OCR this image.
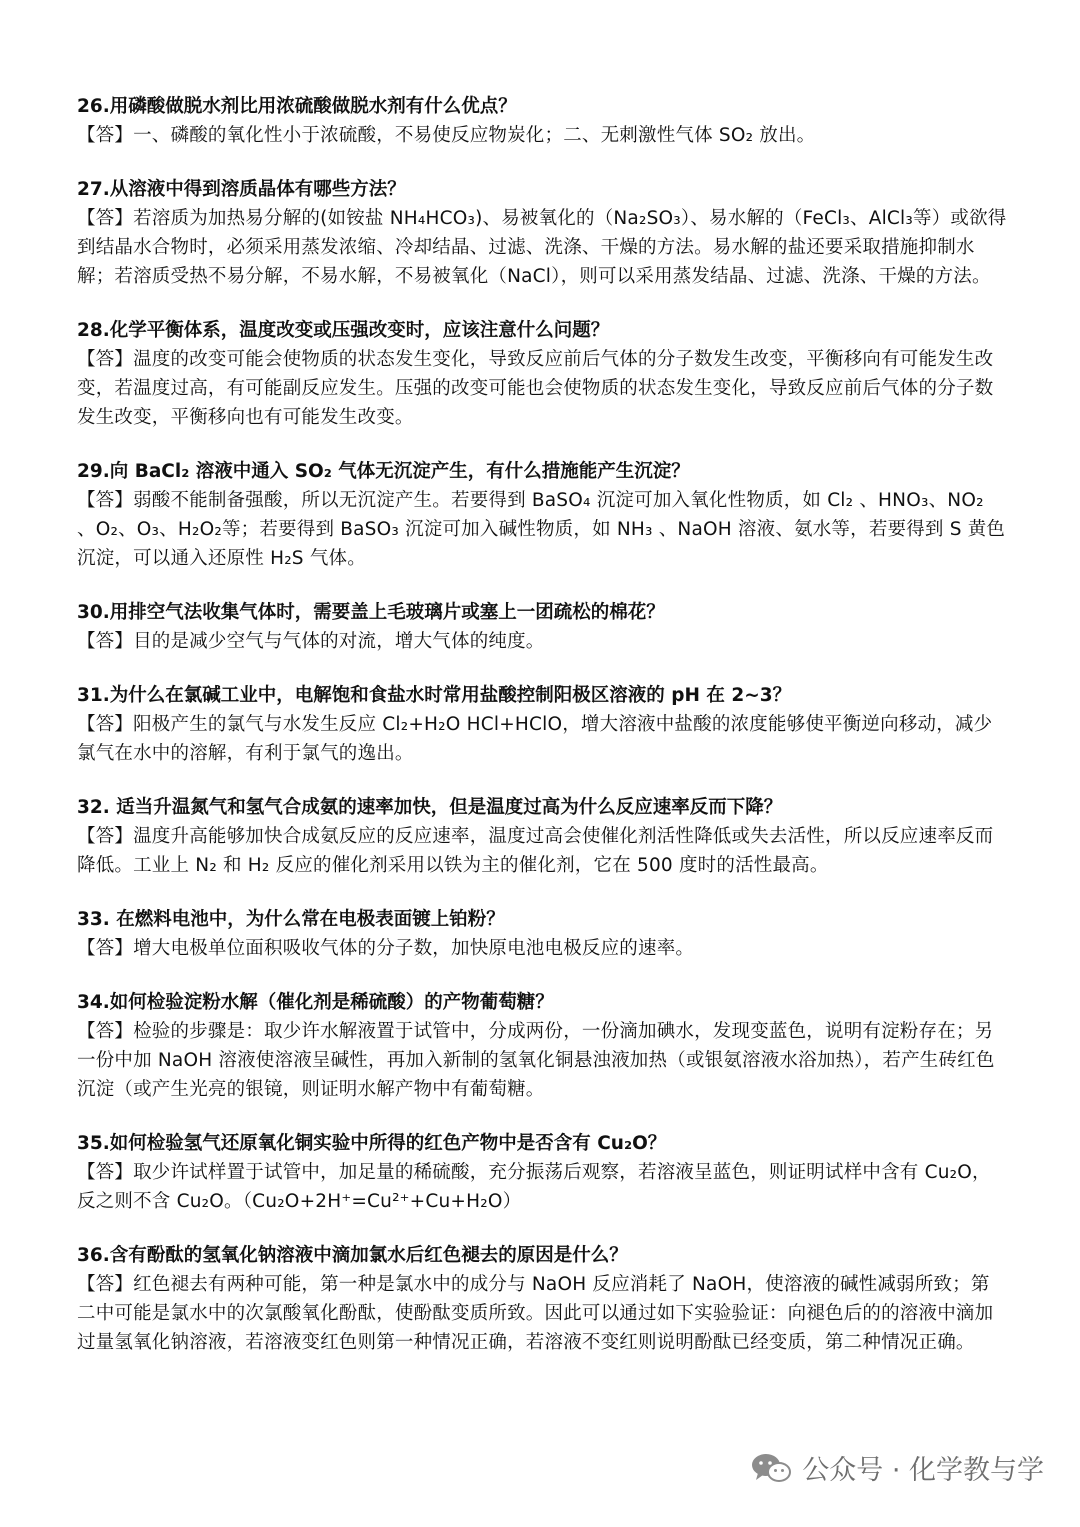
26.用磷酸做脱水剂比用浓硫酸做脱水剂有什么优点？

【答】一、磷酸的氧化性小于浓硫酸，不易使反应物炭化；二、无刺激性气体 SO₂ 放出。

27.从溶液中得到溶质晶体有哪些方法？

【答】若溶质为加热易分解的(如铵盐 NH₄HCO₃)、易被氧化的（Na₂SO₃）、易水解的（FeCl₃、AlCl₃等）或欲得到结晶水合物时，必须采用蒸发浓缩、冷却结晶、过滤、洗涤、干燥的方法。易水解的盐还要采取措施抑制水解；若溶质受热不易分解，不易水解，不易被氧化（NaCl），则可以采用蒸发结晶、过滤、洗涤、干燥的方法。

28.化学平衡体系，温度改变或压强改变时，应该注意什么问题？

【答】温度的改变可能会使物质的状态发生变化，导致反应前后气体的分子数发生改变，平衡移向有可能发生改变，若温度过高，有可能副反应发生。压强的改变可能也会使物质的状态发生变化，导致反应前后气体的分子数发生改变，平衡移向也有可能发生改变。

29.向 BaCl₂ 溶液中通入 SO₂ 气体无沉淀产生，有什么措施能产生沉淀？

【答】弱酸不能制备强酸，所以无沉淀产生。若要得到 BaSO₄ 沉淀可加入氧化性物质，如 Cl₂ 、HNO₃、NO₂ 、O₂、O₃、H₂O₂等；若要得到 BaSO₃ 沉淀可加入碱性物质，如 NH₃ 、NaOH 溶液、氨水等，若要得到 S 黄色沉淀，可以通入还原性 H₂S 气体。

30.用排空气法收集气体时，需要盖上毛玻璃片或塞上一团疏松的棉花？

【答】目的是减少空气与气体的对流，增大气体的纯度。

31.为什么在氯碱工业中，电解饱和食盐水时常用盐酸控制阳极区溶液的 pH 在 2~3？

【答】阳极产生的氯气与水发生反应 Cl₂+H₂O HCl+HClO，增大溶液中盐酸的浓度能够使平衡逆向移动，减少氯气在水中的溶解，有利于氯气的逸出。

32. 适当升温氮气和氢气合成氨的速率加快，但是温度过高为什么反应速率反而下降？

【答】温度升高能够加快合成氨反应的反应速率，温度过高会使催化剂活性降低或失去活性，所以反应速率反而降低。工业上 N₂ 和 H₂ 反应的催化剂采用以铁为主的催化剂，它在 500 度时的活性最高。

33. 在燃料电池中，为什么常在电极表面镀上铂粉？

【答】增大电极单位面积吸收气体的分子数，加快原电池电极反应的速率。

34.如何检验淀粉水解（催化剂是稀硫酸）的产物葡萄糖？

【答】检验的步骤是：取少许水解液置于试管中，分成两份，一份滴加碘水，发现变蓝色，说明有淀粉存在；另一份中加 NaOH 溶液使溶液呈碱性，再加入新制的氢氧化铜悬浊液加热（或银氨溶液水浴加热），若产生砖红色沉淀（或产生光亮的银镜，则证明水解产物中有葡萄糖。

35.如何检验氢气还原氧化铜实验中所得的红色产物中是否含有 Cu₂O？

【答】取少许试样置于试管中，加足量的稀硫酸，充分振荡后观察，若溶液呈蓝色，则证明试样中含有 Cu₂O，反之则不含 Cu₂O。（Cu₂O+2H⁺=Cu²⁺+Cu+H₂O）

36.含有酚酞的氢氧化钠溶液中滴加氯水后红色褪去的原因是什么？

【答】红色褪去有两种可能，第一种是氯水中的成分与 NaOH 反应消耗了 NaOH，使溶液的碱性减弱所致；第二中可能是氯水中的次氯酸氧化酚酞，使酚酞变质所致。因此可以通过如下实验验证：向褪色后的的溶液中滴加过量氢氧化钠溶液，若溶液变红色则第一种情况正确，若溶液不变红则说明酚酞已经变质，第二种情况正确。

公众号 · 化学教与学
